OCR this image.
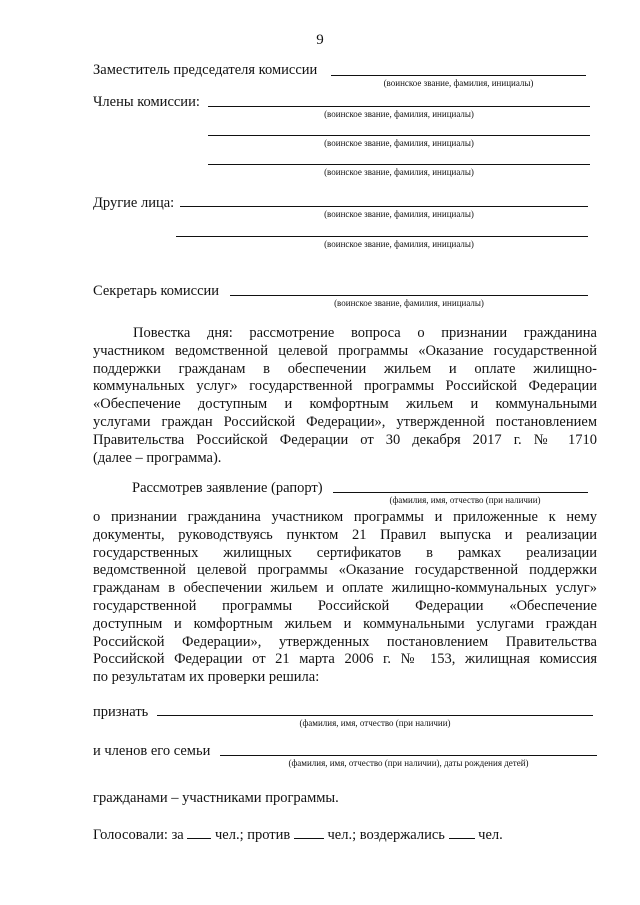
9
Заместитель председателя комиссии
(воинское звание, фамилия, инициалы)
Члены комиссии:
(воинское звание, фамилия, инициалы)
(воинское звание, фамилия, инициалы)
(воинское звание, фамилия, инициалы)
Другие лица:
(воинское звание, фамилия, инициалы)
(воинское звание, фамилия, инициалы)
Секретарь комиссии
(воинское звание, фамилия, инициалы)
Повестка дня: рассмотрение вопроса о признании гражданина
участником ведомственной целевой программы «Оказание государственной
поддержки гражданам в обеспечении жильем и оплате жилищно-
коммунальных услуг» государственной программы Российской Федерации
«Обеспечение доступным и комфортным жильем и коммунальными
услугами граждан Российской Федерации», утвержденной постановлением
Правительства Российской Федерации от 30 декабря 2017 г. № 1710
(далее – программа).
Рассмотрев заявление (рапорт)
(фамилия, имя, отчество (при наличии)
о признании гражданина участником программы и приложенные к нему
документы, руководствуясь пунктом 21 Правил выпуска и реализации
государственных жилищных сертификатов в рамках реализации
ведомственной целевой программы «Оказание государственной поддержки
гражданам в обеспечении жильем и оплате жилищно-коммунальных услуг»
государственной программы Российской Федерации «Обеспечение
доступным и комфортным жильем и коммунальными услугами граждан
Российской Федерации», утвержденных постановлением Правительства
Российской Федерации от 21 марта 2006 г. № 153, жилищная комиссия
по результатам их проверки решила:
признать
(фамилия, имя, отчество (при наличии)
и членов его семьи
(фамилия, имя, отчество (при наличии), даты рождения детей)
гражданами – участниками программы.
Голосовали: за чел.; против	чел.; воздержались чел.
